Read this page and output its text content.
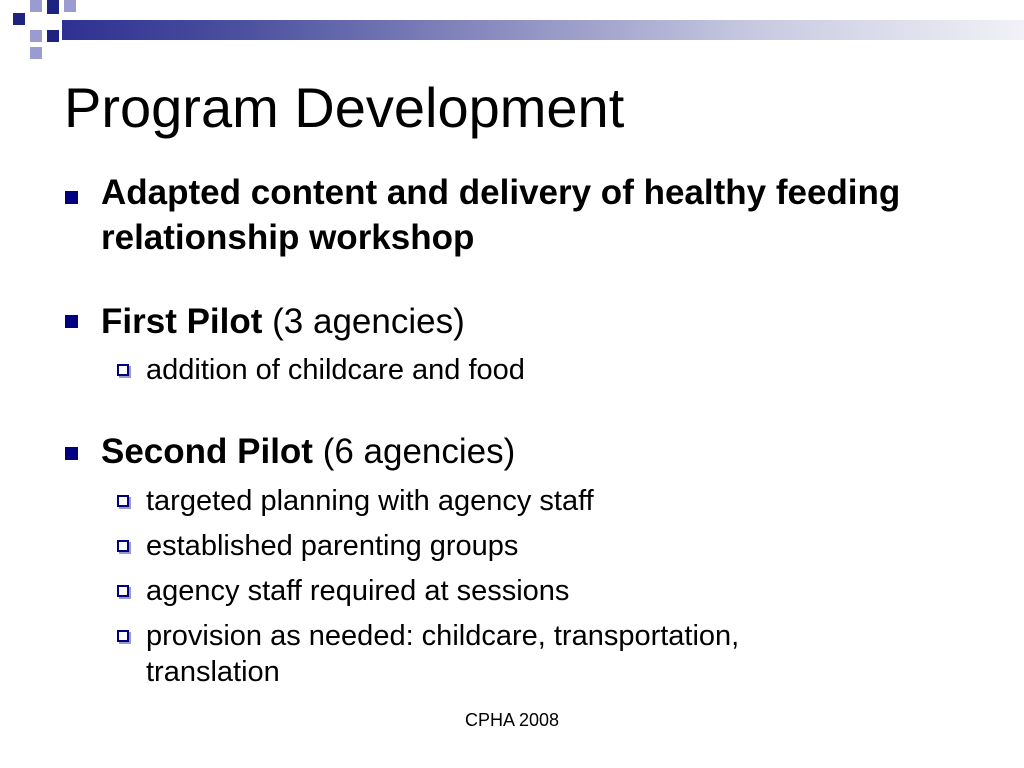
Program Development
Adapted content and delivery of healthy feeding relationship workshop
First Pilot (3 agencies)
addition of childcare and food
Second Pilot (6 agencies)
targeted planning with agency staff
established parenting groups
agency staff required at sessions
provision as needed: childcare, transportation, translation
CPHA 2008
